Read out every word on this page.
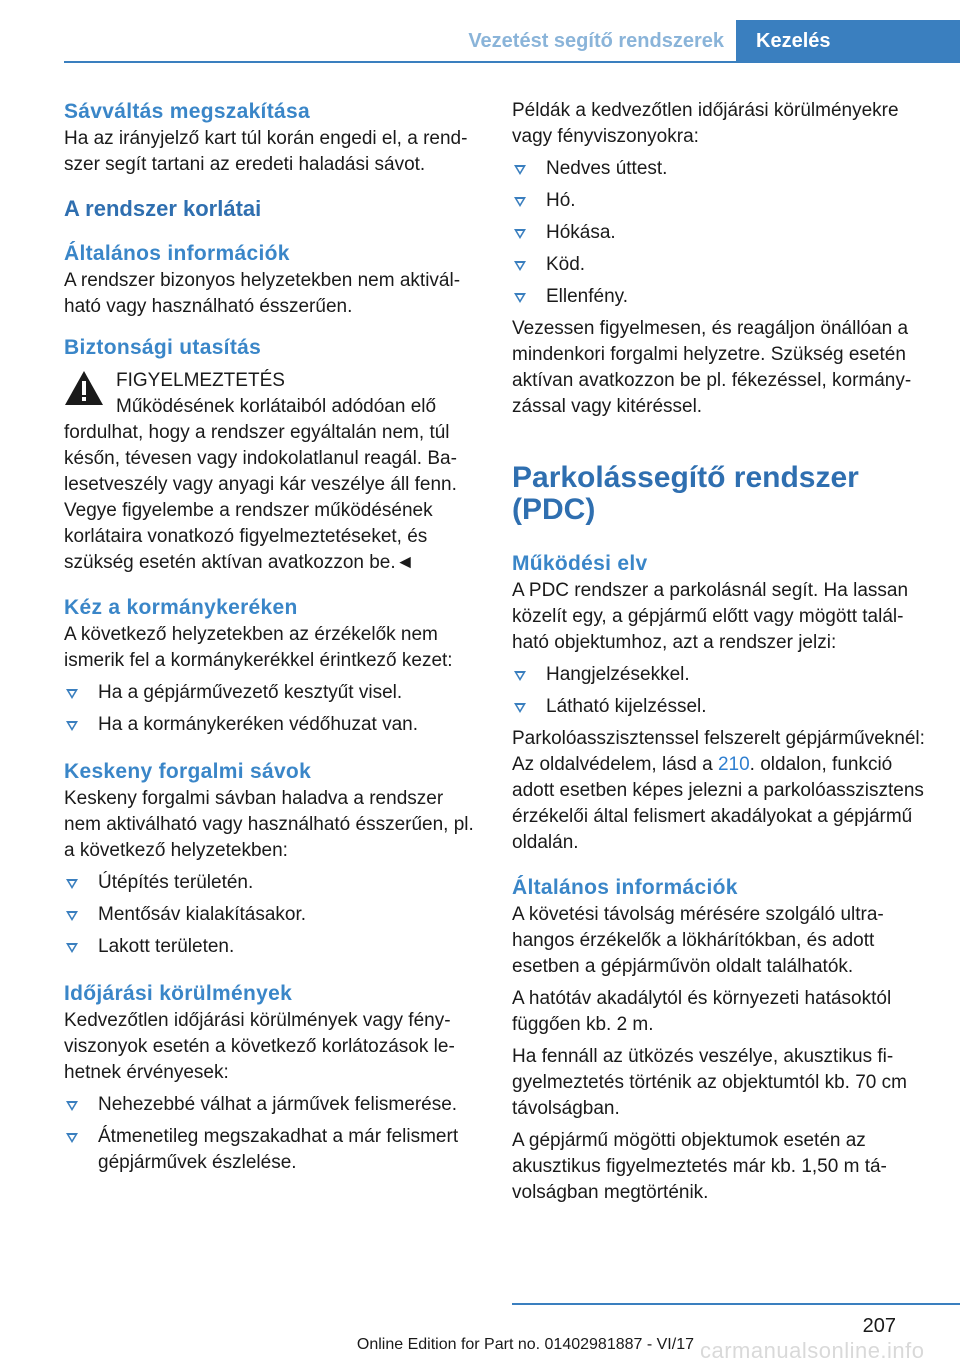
Vezetést segítő rendszerek	Kezelés
Sávváltás megszakítása

Ha az irányjelző kart túl korán engedi el, a rendszer segít tartani az eredeti haladási sávot.

A rendszer korlátai
Általános információk

A rendszer bizonyos helyzetekben nem aktiválható vagy használható ésszerűen.

Biztonsági utasítás

FIGYELMEZTETÉS

Működésének korlátaiból adódóan elő

fordulhat, hogy a rendszer egyáltalán nem, túl későn, tévesen vagy indokolatlanul reagál. Balesetveszély vagy anyagi kár veszélye áll fenn. Vegye figyelembe a rendszer működésének korlátaira vonatkozó figyelmeztetéseket, és szükség esetén aktívan avatkozzon be.◄

Kéz a kormánykeréken

A következő helyzetekben az érzékelők nem ismerik fel a kormánykerékkel érintkező kezet:

Ha a gépjárművezető kesztyűt visel.
Ha a kormánykeréken védőhuzat van.
Keskeny forgalmi sávok

Keskeny forgalmi sávban haladva a rendszer nem aktiválható vagy használható ésszerűen, pl. a következő helyzetekben:

Útépítés területén.
Mentősáv kialakításakor.
Lakott területen.
Időjárási körülmények

Kedvezőtlen időjárási körülmények vagy fényviszonyok esetén a következő korlátozások lehetnek érvényesek:

Nehezebbé válhat a járművek felismerése.
Átmenetileg megszakadhat a már felismert gépjárművek észlelése.

Példák a kedvezőtlen időjárási körülményekre vagy fényviszonyokra:

Nedves úttest.
Hó.
Hókása.
Köd.
Ellenfény.

Vezessen figyelmesen, és reagáljon önállóan a mindenkori forgalmi helyzetre. Szükség esetén aktívan avatkozzon be pl. fékezéssel, kormányzással vagy kitéréssel.

Parkolássegítő rendszer (PDC)
Működési elv

A PDC rendszer a parkolásnál segít. Ha lassan közelít egy, a gépjármű előtt vagy mögött található objektumhoz, azt a rendszer jelzi:

Hangjelzésekkel.
Látható kijelzéssel.

Parkolóasszisztenssel felszerelt gépjárműveknél: Az oldalvédelem, lásd a 210. oldalon, funkció adott esetben képes jelezni a parkolóasszisztens érzékelői által felismert akadályokat a gépjármű oldalán.

Általános információk

A követési távolság mérésére szolgáló ultrahangos érzékelők a lökhárítókban, és adott esetben a gépjárművön oldalt találhatók.

A hatótáv akadálytól és környezeti hatásoktól függően kb. 2 m.

Ha fennáll az ütközés veszélye, akusztikus figyelmeztetés történik az objektumtól kb. 70 cm távolságban.

A gépjármű mögötti objektumok esetén az akusztikus figyelmeztetés már kb. 1,50 m távolságban megtörténik.

207
Online Edition for Part no. 01402981887 - VI/17 carmanualsonline.info
